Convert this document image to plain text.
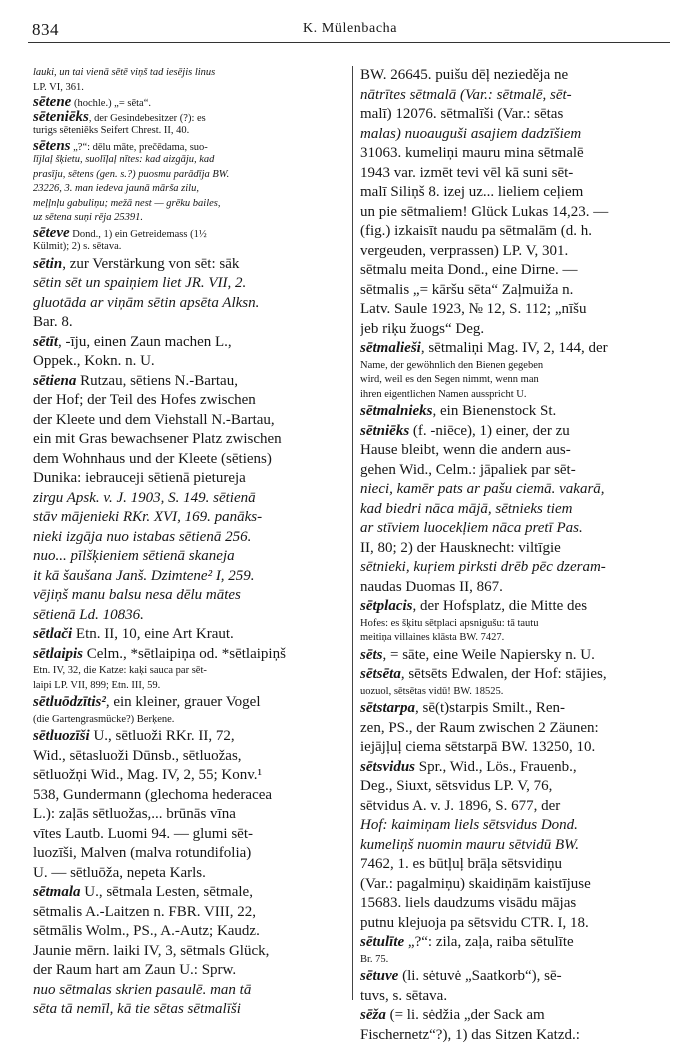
834	K. Mülenbacha
lauki, un tai vienā sētē viņš tad iesējis linus
LP. VI, 361.
sētene (hochle.) „= sēta“.
sēteniēks, der Gesindebesitzer (?): es
turigs sēteniēks Seifert Chrest. II, 40.
sētens „?“: dēlu māte, prečēdama, suo-
lījlaļ šķietu, suolīļaļ nītes: kad aizgāju, kad
prasīju, sētens (gen. s.?) puosmu parādīja BW.
23226, 3. man iedeva jaunā mārša zilu,
meļļnļu gabuliņu; mežā nest — grēku bailes,
uz sētena suņi rēja 25391.
sēteve Dond., 1) ein Getreidemass (1½
Külmit); 2) s. sētava.
sētin, zur Verstärkung von sēt: sāk
sētin sēt un spaiņiem liet JR. VII, 2.
gluotāda ar viņām sētin apsēta Alksn.
Bar. 8.
sētīt, -īju, einen Zaun machen L.,
Oppek., Kokn. n. U.
sētiena Rutzau, sētiens N.-Bartau,
der Hof; der Teil des Hofes zwischen
der Kleete und dem Viehstall N.-Bartau,
ein mit Gras bewachsener Platz zwischen
dem Wohnhaus und der Kleete (sētiens)
Dunika: iebrauceji sētienā pietureja
zirgu Apsk. v. J. 1903, S. 149. sētienā
stāv mājenieki RKr. XVI, 169. panāks-
nieki izgāja nuo istabas sētienā 256.
nuo... pīlšķieniem sētienā skaneja
it kā šaušana Janš. Dzimtene² I, 259.
vējiņš manu balsu nesa dēlu mātes
sētienā Ld. 10836.
sētlači Etn. II, 10, eine Art Kraut.
sētlaipis Celm., *sētlaipiņa od. *sētlaipiņš
Etn. IV, 32, die Katze: kaķi sauca par sēt-
laipi LP. VII, 899; Etn. III, 59.
sētluōdzītis², ein kleiner, grauer Vogel
(die Gartengrasmücke?) Berķene.
sētluozīši U., sētluoži RKr. II, 72,
Wid., sētasluoži Dūnsb., sētluožas,
sētluožņi Wid., Mag. IV, 2, 55; Konv.¹
538, Gundermann (glechoma hederacea
L.): zaļās sētluožas,... brūnās vīna
vītes Lautb. Luomi 94. — glumi sēt-
luozīši, Malven (malva rotundifolia)
U. — sētluōža, nepeta Karls.
sētmala U., sētmala Lesten, sētmale,
sētmalis A.-Laitzen n. FBR. VIII, 22,
sētmālis Wolm., PS., A.-Autz; Kaudz.
Jaunie mērn. laiki IV, 3, sētmals Glück,
der Raum hart am Zaun U.: Sprw.
nuo sētmalas skrien pasaulē. man tā
sēta tā nemīl, kā tie sētas sētmalīši
BW. 26645. puišu dēļ nezieděja ne
nātrītes sētmalā (Var.: sētmalē, sēt-
malī) 12076. sētmalīši (Var.: sētas
malas) nuoauguši asajiem dadzīšiem
31063. kumeliņi mauru mina sētmalē
1943 var. izmēt tevi vēl kā suni sēt-
malī Siliņš 8. izej uz... lieliem ceļiem
un pie sētmaliem! Glück Lukas 14,23. —
(fig.) izkaisīt naudu pa sētmalām (d. h.
vergeuden, verprassen) LP. V, 301.
sētmalu meita Dond., eine Dirne. —
sētmalis „= kāršu sēta“ Zaļmuiža n.
Latv. Saule 1923, № 12, S. 112; „nīšu
jeb riķu žuogs“ Deg.
sētmalieši, sētmaliņi Mag. IV, 2, 144, der
Name, der gewöhnlich den Bienen gegeben
wird, weil es den Segen nimmt, wenn man
ihren eigentlichen Namen ausspricht U.
sētmalnieks, ein Bienenstock St.
sētniēks (f. -niēce), 1) einer, der zu
Hause bleibt, wenn die andern aus-
gehen Wid., Celm.: jāpaliek par sēt-
nieci, kamēr pats ar pašu ciemā. vakarā,
kad biedri nāca mājā, sētnieks tiem
ar stīviem luocekļiem nāca pretī Pas.
II, 80; 2) der Hausknecht: viltīgie
sētnieki, kuŗiem pirksti drēb pēc dzeram-
naudas Duomas II, 867.
sētplacis, der Hofsplatz, die Mitte des
Hofes: es šķitu sētplaci apsnigušu: tā tautu
meitiņa villaines klāsta BW. 7427.
sēts, = sāte, eine Weile Napiersky n. U.
sētsēta, sētsēts Edwalen, der Hof: stājies,
uozuol, sētsētas vidū! BW. 18525.
sētstarpa, sē(t)starpis Smilt., Ren-
zen, PS., der Raum zwischen 2 Zäunen:
iejājļuļ ciema sētstarpā BW. 13250, 10.
sētsvidus Spr., Wid., Lös., Frauenb.,
Deg., Siuxt, sētsvidus LP. V, 76,
sētvidus A. v. J. 1896, S. 677, der
Hof: kaimiņam liels sētsvidus Dond.
kumeliņš nuomin mauru sētvidū BW.
7462, 1. es būtļuļ brāļa sētsvidiņu
(Var.: pagalmiņu) skaidiņām kaistījuse
15683. liels daudzums visādu mājas
putnu klejuoja pa sētsvidu CTR. I, 18.
sētulīte „?“: zila, zaļa, raiba sētulīte
Br. 75.
sētuve (li. sėtuvė „Saatkorb“), sē-
tuvs, s. sētava.
sēža (= li. sėdžia „der Sack am
Fischernetz“?), 1) das Sitzen Katzd.:
